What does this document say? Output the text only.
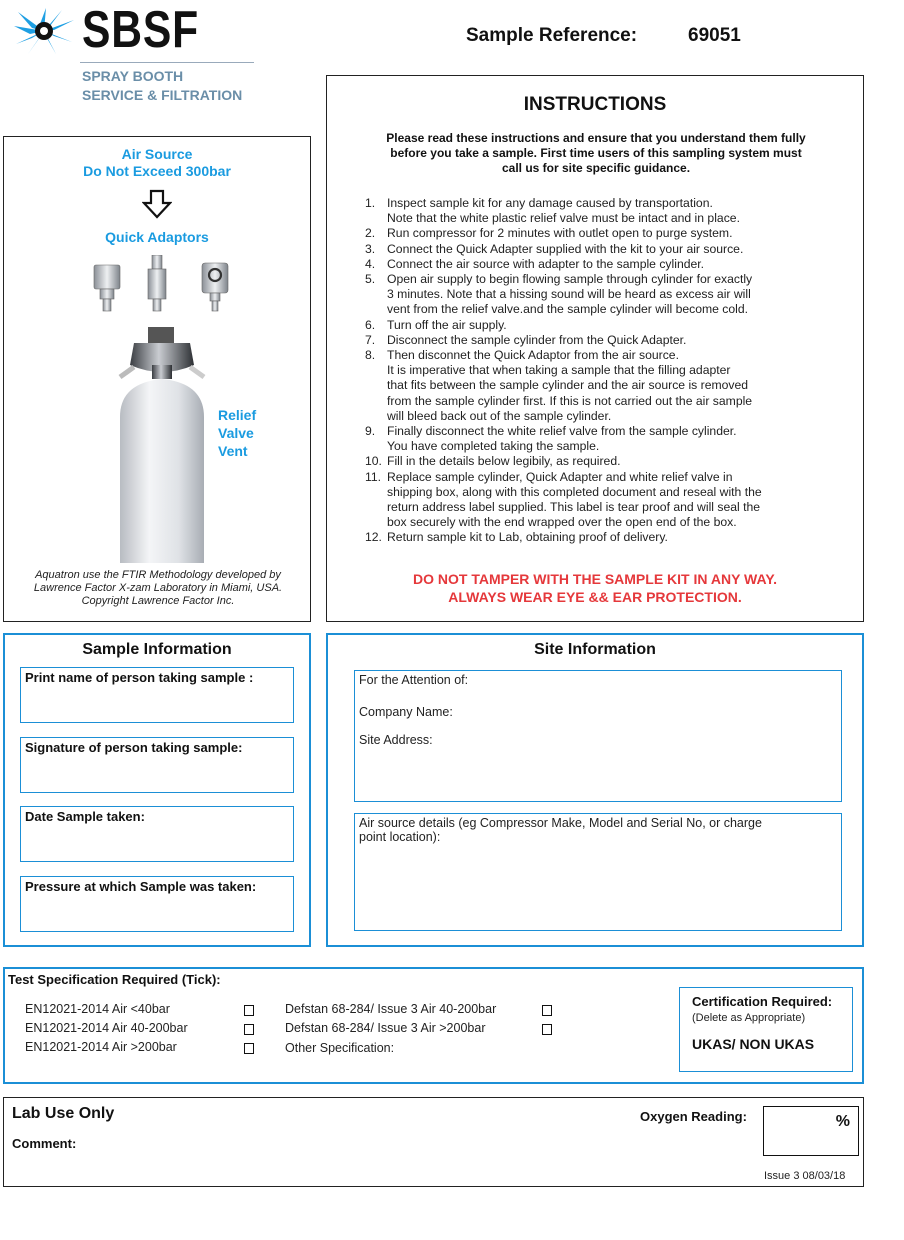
SBSF
SPRAY BOOTH
SERVICE & FILTRATION
Sample Reference:	69051
Air Source
Do Not Exceed 300bar
Quick Adaptors
Relief
Valve
Vent
Aquatron use the FTIR Methodology developed by
Lawrence Factor X-zam Laboratory in Miami, USA.
Copyright Lawrence Factor Inc.
INSTRUCTIONS
Please read these instructions and ensure that you understand them fully
before you take a sample. First time users of this sampling system must
call us for site specific guidance.
1. Inspect sample kit for any damage caused by transportation.
Note that the white plastic relief valve must be intact and in place.
2. Run compressor for 2 minutes with outlet open to purge system.
3. Connect the Quick Adapter supplied with the kit to your air source.
4. Connect the air source with adapter to the sample cylinder.
5. Open air supply to begin flowing sample through cylinder for exactly
3 minutes. Note that a hissing sound will be heard as excess air will
vent from the relief valve.and the sample cylinder will become cold.
6. Turn off the air supply.
7. Disconnect the sample cylinder from the Quick Adapter.
8. Then disconnet the Quick Adaptor from the air source.
It is imperative that when taking a sample that the filling adapter
that fits between the sample cylinder and the air source is removed
from the sample cylinder first. If this is not carried out the air sample
will bleed back out of the sample cylinder.
9. Finally disconnect the white relief valve from the sample cylinder.
You have completed taking the sample.
10. Fill in the details below legibily, as required.
11. Replace sample cylinder, Quick Adapter and white relief valve in
shipping box, along with this completed document and reseal with the
return address label supplied. This label is tear proof and will seal the
box securely with the end wrapped over the open end of the box.
12. Return sample kit to Lab, obtaining proof of delivery.
DO NOT TAMPER WITH THE SAMPLE KIT IN ANY WAY.
ALWAYS WEAR EYE && EAR PROTECTION.
Sample Information
Print name of person taking sample :
Signature of person taking sample:
Date Sample taken:
Pressure at which Sample was taken:
Site Information
For the Attention of:
Company Name:
Site Address:
Air source details (eg Compressor Make, Model and Serial No, or charge
point location):
Test Specification Required (Tick):
EN12021-2014 Air <40bar
EN12021-2014 Air 40-200bar
EN12021-2014 Air >200bar
Defstan 68-284/ Issue 3 Air 40-200bar
Defstan 68-284/ Issue 3 Air >200bar
Other Specification:
Certification Required:
(Delete as Appropriate)
UKAS/ NON UKAS
Lab Use Only
Comment:
Oxygen Reading:	%
Issue 3 08/03/18
